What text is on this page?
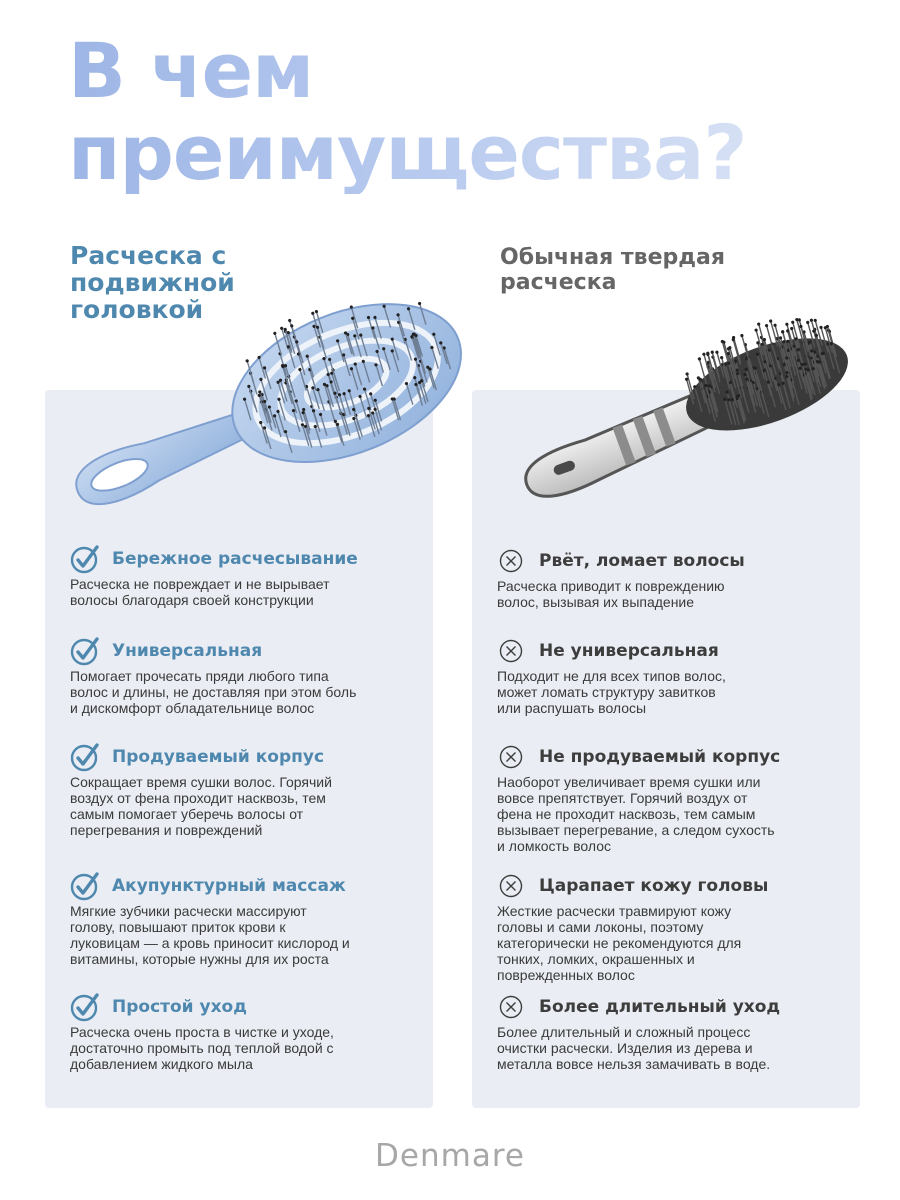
В чем
преимущества?
Расческа с
подвижной
головкой
Обычная твердая
расческа
Бережное расчесывание
Расческа не повреждает и не вырывает
волосы благодаря своей конструкции
Универсальная
Помогает прочесать пряди любого типа
волос и длины, не доставляя при этом боль
и дискомфорт обладательнице волос
Продуваемый корпус
Сокращает время сушки волос. Горячий
воздух от фена проходит насквозь, тем
самым помогает уберечь волосы от
перегревания и повреждений
Акупунктурный массаж
Мягкие зубчики расчески массируют
голову, повышают приток крови к
луковицам — а кровь приносит кислород и
витамины, которые нужны для их роста
Простой уход
Расческа очень проста в чистке и уходе,
достаточно промыть под теплой водой с
добавлением жидкого мыла
Рвёт, ломает волосы
Расческа приводит к повреждению
волос, вызывая их выпадение
Не универсальная
Подходит не для всех типов волос,
может ломать структуру завитков
или распушать волосы
Не продуваемый корпус
Наоборот увеличивает время сушки или
вовсе препятствует. Горячий воздух от
фена не проходит насквозь, тем самым
вызывает перегревание, а следом сухость
и ломкость волос
Царапает кожу головы
Жесткие расчески травмируют кожу
головы и сами локоны, поэтому
категорически не рекомендуются для
тонких, ломких, окрашенных и
поврежденных волос
Более длительный уход
Более длительный и сложный процесс
очистки расчески. Изделия из дерева и
металла вовсе нельзя замачивать в воде.
Denmare
